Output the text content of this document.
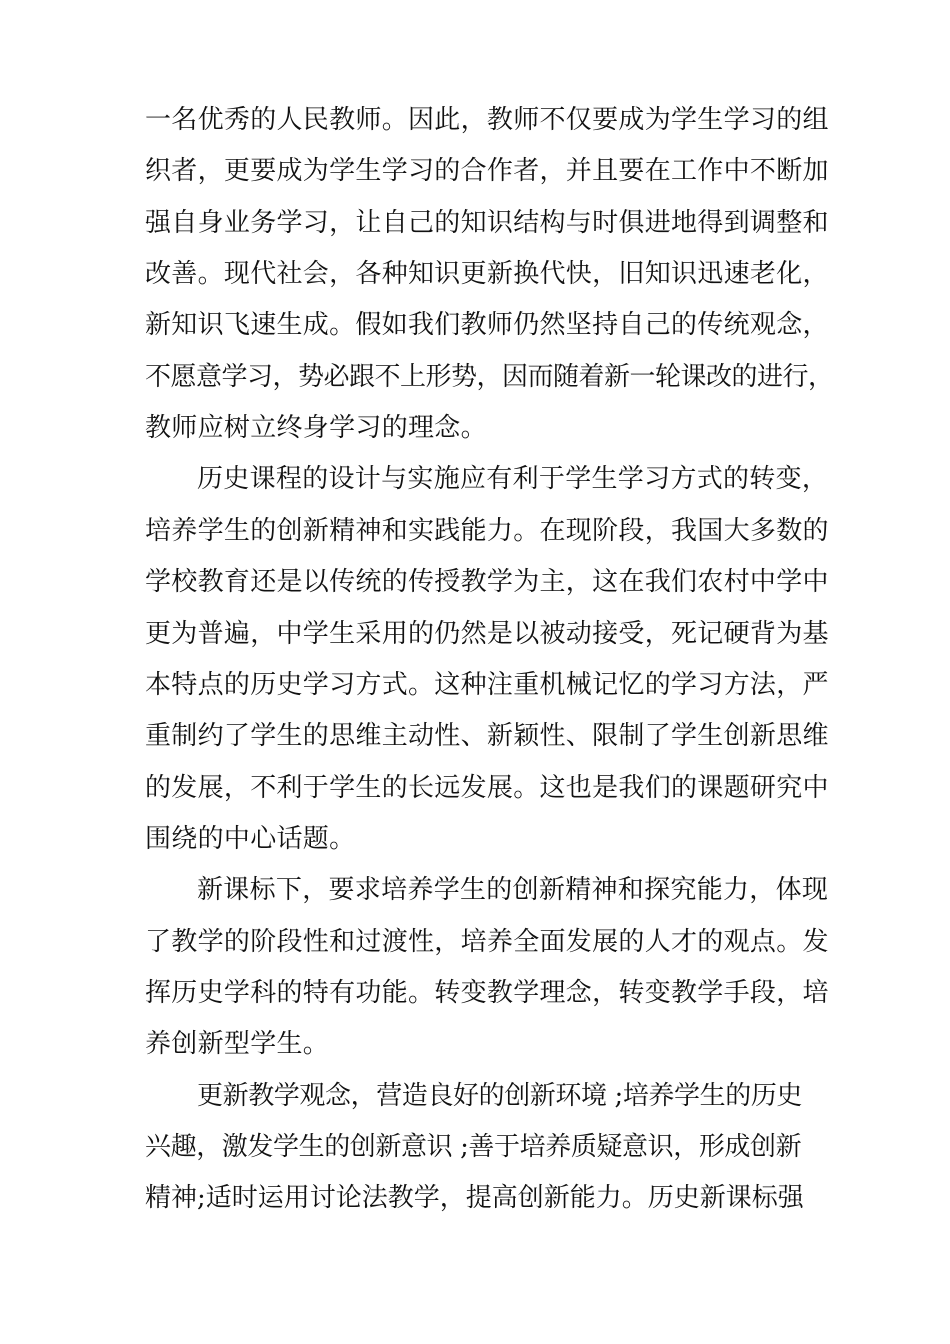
一名优秀的人民教师。因此，教师不仅要成为学生学习的组
织者，更要成为学生学习的合作者，并且要在工作中不断加
强自身业务学习，让自己的知识结构与时俱进地得到调整和
改善。现代社会，各种知识更新换代快，旧知识迅速老化，
新知识飞速生成。假如我们教师仍然坚持自己的传统观念，
不愿意学习，势必跟不上形势，因而随着新一轮课改的进行，
教师应树立终身学习的理念。
历史课程的设计与实施应有利于学生学习方式的转变，
培养学生的创新精神和实践能力。在现阶段，我国大多数的
学校教育还是以传统的传授教学为主，这在我们农村中学中
更为普遍，中学生采用的仍然是以被动接受，死记硬背为基
本特点的历史学习方式。这种注重机械记忆的学习方法，严
重制约了学生的思维主动性、新颖性、限制了学生创新思维
的发展，不利于学生的长远发展。这也是我们的课题研究中
围绕的中心话题。
新课标下，要求培养学生的创新精神和探究能力，体现
了教学的阶段性和过渡性，培养全面发展的人才的观点。发
挥历史学科的特有功能。转变教学理念，转变教学手段，培
养创新型学生。
更新教学观念，营造良好的创新环境 ;培养学生的历史
兴趣，激发学生的创新意识 ;善于培养质疑意识，形成创新
精神;适时运用讨论法教学，提高创新能力。历史新课标强
